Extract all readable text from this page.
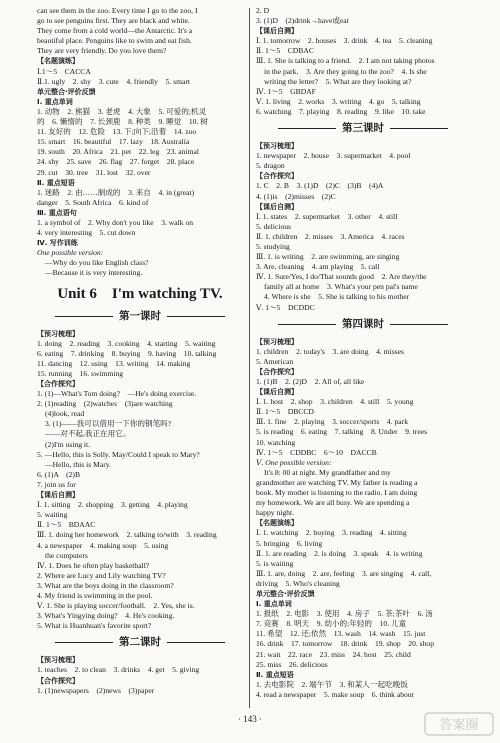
can see them in the zoo. Every time I go to the zoo, I
go to see penguins first. They are black and white.
They come from a cold world—the Antarctic. It's a
beautiful place. Penguins like to swim and eat fish.
They are very friendly. Do you love them?
【名题演练】
Ⅰ.1～5　CACCA
Ⅱ.1. ugly　2. shy　3. cute　4. friendly　5. smart
单元整合·评价反馈
Ⅰ. 重点单词
1. 动物　2. 熊猫　3. 老虎　4. 大象　5. 可爱的;机灵
的　6. 懒惰的　7. 长颈鹿　8. 种类　9. 睡觉　10. 树
11. 友好的　12. 危险　13. 下;向下;沿着　14. zoo
15. smart　16. beautiful　17. lazy　18. Australia
19. south　20. Africa　21. pet　22. leg　23. animal
24. shy　25. save　26. flag　27. forget　28. place
29. cut　30. tree　31. lost　32. over
Ⅱ. 重点短语
1. 迷路　2. 由……制成的　3. 来自　4. in (great)
danger　5. South Africa　6. kind of
Ⅲ. 重点语句
1. a symbol of　2. Why don't you like　3. walk on
4. very interesting　5. cut down
Ⅳ. 写作训练
One possible version:
—Why do you like English class?
—Because it is very interesting.
Unit 6　I'm watching TV.
第一课时
【预习梳理】
1. doing　2. reading　3. cooking　4. starting　5. waiting
6. eating　7. drinking　8. buying　9. having　10. talking
11. dancing　12. using　13. writing　14. making
15. running　16. swimming
【合作探究】
1. (1)—What's Tom doing?　—He's doing exercise.
2. (1)reading　(2)watches　(3)are watching
(4)look, read
3. (1)——我可以借用一下你的钢笔吗?
——对不起,我正在用它。
(2)I'm using it.
5. —Hello, this is Solly. May/Could I speak to Mary?
—Hello, this is Mary.
6. (1)A　(2)B
7. join us for
【课后自测】
Ⅰ. 1. sitting　2. shopping　3. getting　4. playing
5. waiting
Ⅱ. 1～5　BDAAC
Ⅲ. 1. doing her homework　2. talking to/with　3. reading
4. a newspaper　4. making soup　5. using
the computers
Ⅳ. 1. Does he often play basketball?
2. Where are Lucy and Lily watching TV?
3. What are the boys doing in the classroom?
4. My friend is swimming in the pool.
Ⅴ. 1. She is playing soccer/football.　2. Yes, she is.
3. What's Yingying doing?　4. He's cooking.
5. What is Huanhuan's favorite sport?
第二课时
【预习梳理】
1. teaches　2. to clean　3. drinks　4. get　5. giving
【合作探究】
1. (1)newspapers　(2)news　(3)paper
2. D
3. (1)D　(2)drink→have或eat
【课后自测】
Ⅰ. 1. tomorrow　2. houses　3. drink　4. tea　5. cleaning
Ⅱ. 1～5　CDBAC
Ⅲ. 1. She is talking to a friend.　2. I am not taking photos
in the park.　3. Are they going to the zoo?　4. Is she
writing the letter?　5. What are they looking at?
Ⅳ. 1～5　GBDAF
Ⅴ. 1. living　2. works　3. writing　4. go　5. talking
6. watching　7. playing　8. reading　9. like　10. take
第三课时
【预习梳理】
1. newspaper　2. house　3. supermarket　4. pool
5. dragon
【合作探究】
1. C　2. B　3. (1)D　(2)C　(3)B　(4)A
4. (1)is　(2)misses　(2)C
【课后自测】
Ⅰ. 1. states　2. supermarket　3. other　4. still
5. delicious
Ⅱ. 1. children　2. misses　3. America　4. races
5. studying
Ⅲ. 1. is writing　2. are swimming, are singing
3. Are, cleaning　4. am playing　5. call
Ⅳ. 1. Sure/Yes, I do/That sounds good　2. Are they/the
family all at home　3. What's your pen pal's name
4. Where is she　5. She is talking to his mother
Ⅴ. 1～5　DCDDC
第四课时
【预习梳理】
1. children　2. today's　3. are doing　4. misses
5. American
【合作探究】
1. (1)B　2. (2)D　2. All of, all like
【课后自测】
Ⅰ. 1. host　2. shop　3. children　4. still　5. young
Ⅱ. 1～5　DBCCD
Ⅲ. 1. fine　2. playing　3. soccer/sports　4. park
5. is reading　6. eating　7. talking　8. Under　9. trees
10. watching
Ⅳ. 1～5　CDDBC　6～10　DACCB
Ⅴ. One possible version:
It's 8: 00 at night. My grandfather and my
grandmother are watching TV. My father is reading a
book. My mother is listening to the radio. I am doing
my homework. We are all busy. We are spending a
happy night.
【名题演练】
Ⅰ. 1. watching　2. buying　3. reading　4. sitting
5. bringing　6. living
Ⅱ. 1. are reading　2. is doing　3. speak　4. is writing
5. is waiting
Ⅲ. 1. are, doing　2. are, feeling　3. are singing　4. call,
driving　5. Who's cleaning
单元整合·评价反馈
Ⅰ. 重点单词
1. 报纸　2. 电影　3. 使用　4. 房子　5. 茶;茶叶　6. 汤
7. 竞赛　8. 明天　9. 幼小的;年轻的　10. 儿童
11. 希望　12. 还;依然　13. wash　14. wash　15. just
16. drink　17. tomorrow　18. drink　19. shop　20. shop
21. wait　22. race　23. miss　24. host　25. child
25. miss　26. delicious
Ⅱ. 重点短语
1. 去电影院　2. 端午节　3. 和某人一起吃晚饭
4. read a newspaper　5. make soup　6. think about
· 143 ·	答案圈
